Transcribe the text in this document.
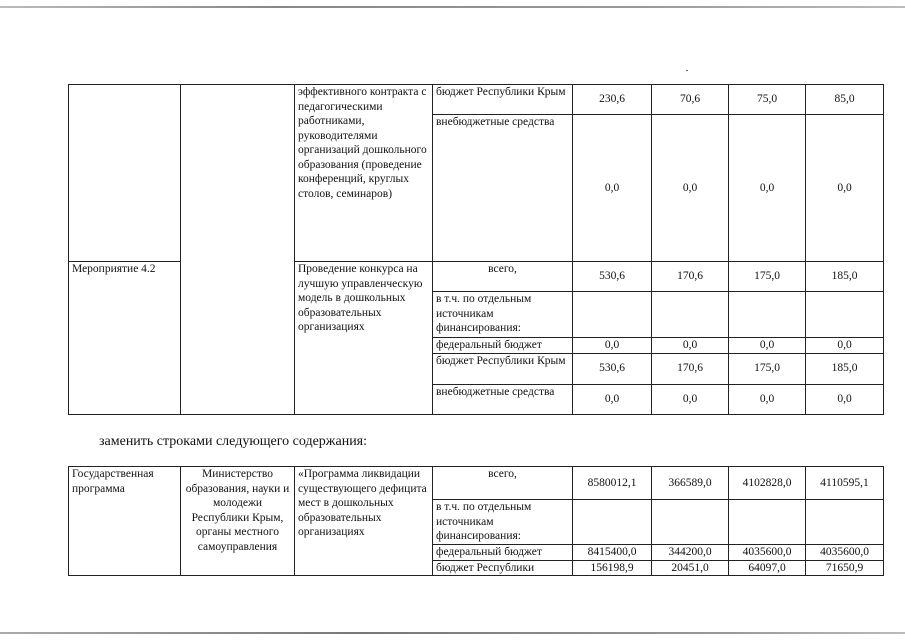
		эффективного контракта с педагогическими работниками, руководителями организаций дошкольного образования (проведение конференций, круглых столов, семинаров)	бюджет Республики Крым	230,6	70,6	75,0	85,0
			внебюджетные средства	0,0	0,0	0,0	0,0
Мероприятие 4.2		Проведение конкурса на лучшую управленческую модель в дошкольных образовательных организациях	всего,	530,6	170,6	175,0	185,0
			в т.ч. по отдельным источникам финансирования:				
			федеральный бюджет	0,0	0,0	0,0	0,0
			бюджет Республики Крым	530,6	170,6	175,0	185,0
			внебюджетные средства	0,0	0,0	0,0	0,0
заменить строками следующего содержания:
Государственная программа	Министерство образования, науки и молодежи Республики Крым, органы местного самоуправления	«Программа ликвидации существующего дефицита мест в дошкольных образовательных организациях	всего,	8580012,1	366589,0	4102828,0	4110595,1
			в т.ч. по отдельным источникам финансирования:				
			федеральный бюджет	8415400,0	344200,0	4035600,0	4035600,0
			бюджет Республики	156198,9	20451,0	64097,0	71650,9
